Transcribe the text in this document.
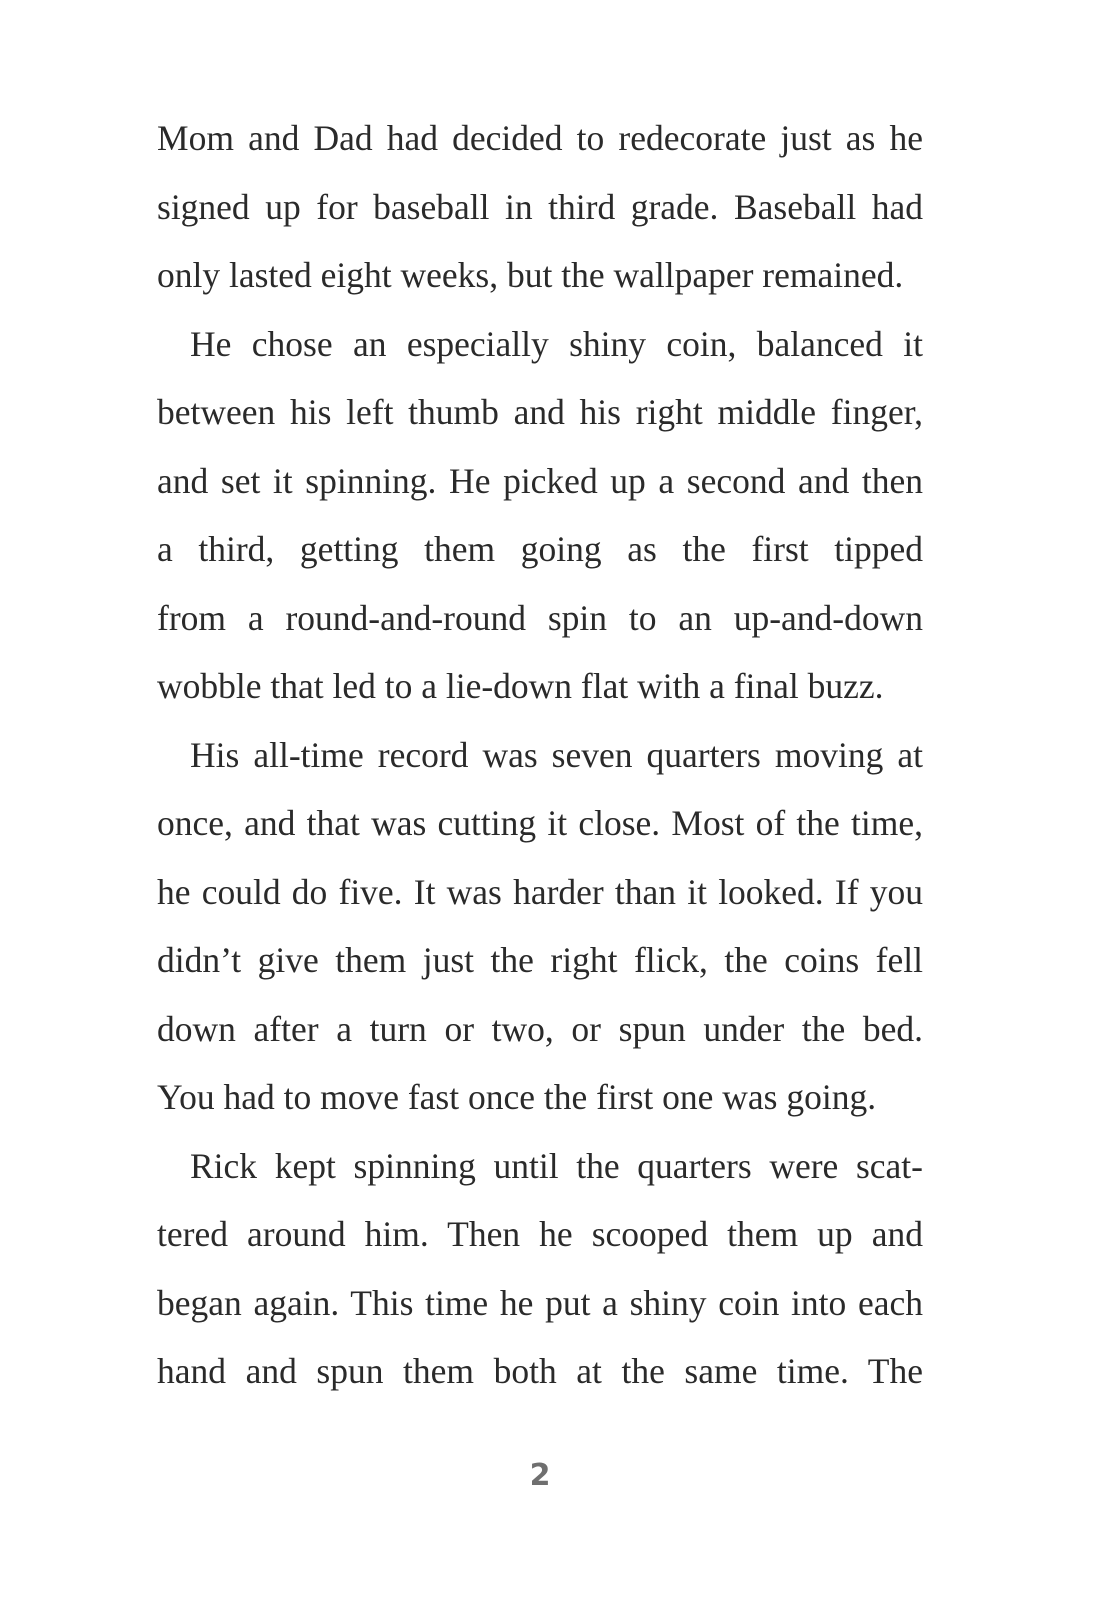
Mom and Dad had decided to redecorate just as he
signed up for baseball in third grade. Baseball had
only lasted eight weeks, but the wallpaper remained.
He chose an especially shiny coin, balanced it
between his left thumb and his right middle finger,
and set it spinning. He picked up a second and then
a third, getting them going as the first tipped
from a round-and-round spin to an up-and-down
wobble that led to a lie-down flat with a final buzz.
His all-time record was seven quarters moving at
once, and that was cutting it close. Most of the time,
he could do five. It was harder than it looked. If you
didn’t give them just the right flick, the coins fell
down after a turn or two, or spun under the bed.
You had to move fast once the first one was going.
Rick kept spinning until the quarters were scat-
tered around him. Then he scooped them up and
began again. This time he put a shiny coin into each
hand and spun them both at the same time. The
2
